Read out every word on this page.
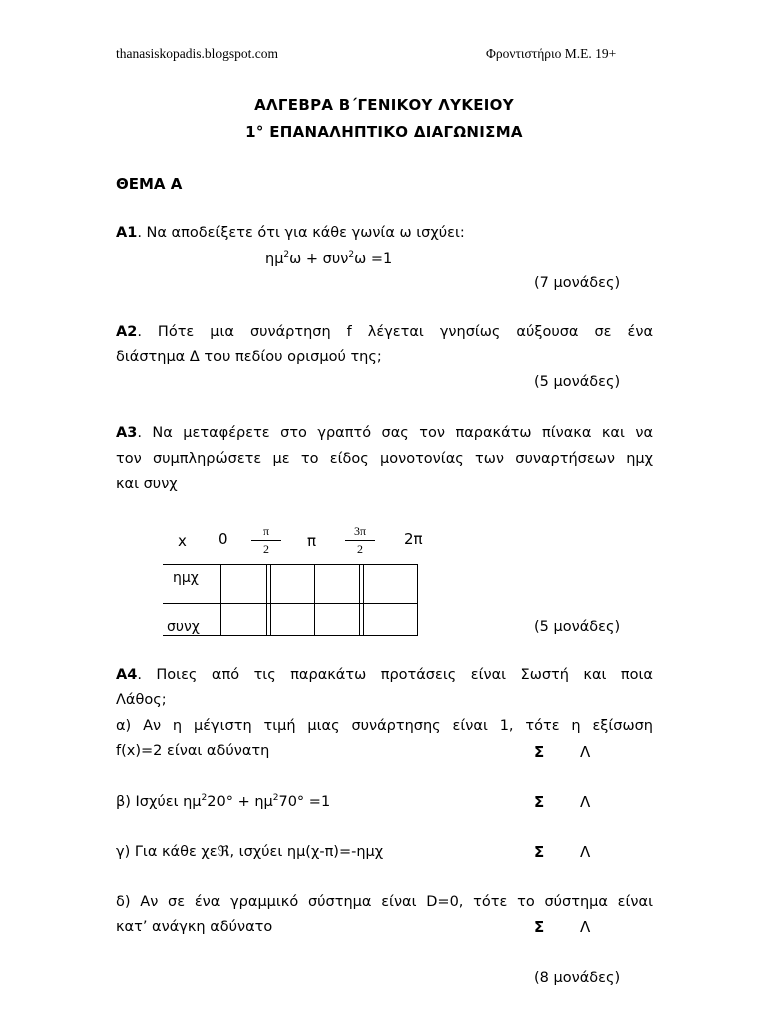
thanasiskopadis.blogspot.com	Φροντιστήριο Μ.Ε. 19+
ΑΛΓΕΒΡΑ Β΄ΓΕΝΙΚΟΥ ΛΥΚΕΙΟΥ
1° ΕΠΑΝΑΛΗΠΤΙΚΟ ΔΙΑΓΩΝΙΣΜΑ
ΘΕΜΑ Α
Α1. Να αποδείξετε ότι για κάθε γωνία ω ισχύει:
$\eta\mu^2\omega + \sigma\upsilon\nu^2\omega =1$
(7 μονάδες)
Α2. Πότε μια συνάρτηση f λέγεται γνησίως αύξουσα σε ένα
διάστημα Δ του πεδίου ορισμού της;
(5 μονάδες)
Α3. Να μεταφέρετε στο γραπτό σας τον παρακάτω πίνακα και να
τον συμπληρώσετε με το είδος μονοτονίας των συναρτήσεων ημχ
και συνχ
x $0 \frac{\pi}{2}$ π $\frac{3\pi}{2} 2\pi$
ημχ
συνχ	(5 μονάδες)
Α4. Ποιες από τις παρακάτω προτάσεις είναι Σωστή και ποια
Λάθος;
α) Αν η μέγιστη τιμή μιας συνάρτησης είναι 1, τότε η εξίσωση
f(x)=2 είναι αδύνατη	Σ Λ
β) Ισχύει $\eta\mu^220^\circ + \eta\mu^270^\circ =1$	Σ Λ
γ) Για κάθε χεℜ, ισχύει ημ(χ-π)=-ημχ	Σ Λ
δ) Αν σε ένα γραμμικό σύστημα είναι D=0, τότε το σύστημα είναι
κατ’ ανάγκη αδύνατο	Σ Λ
(8 μονάδες)
